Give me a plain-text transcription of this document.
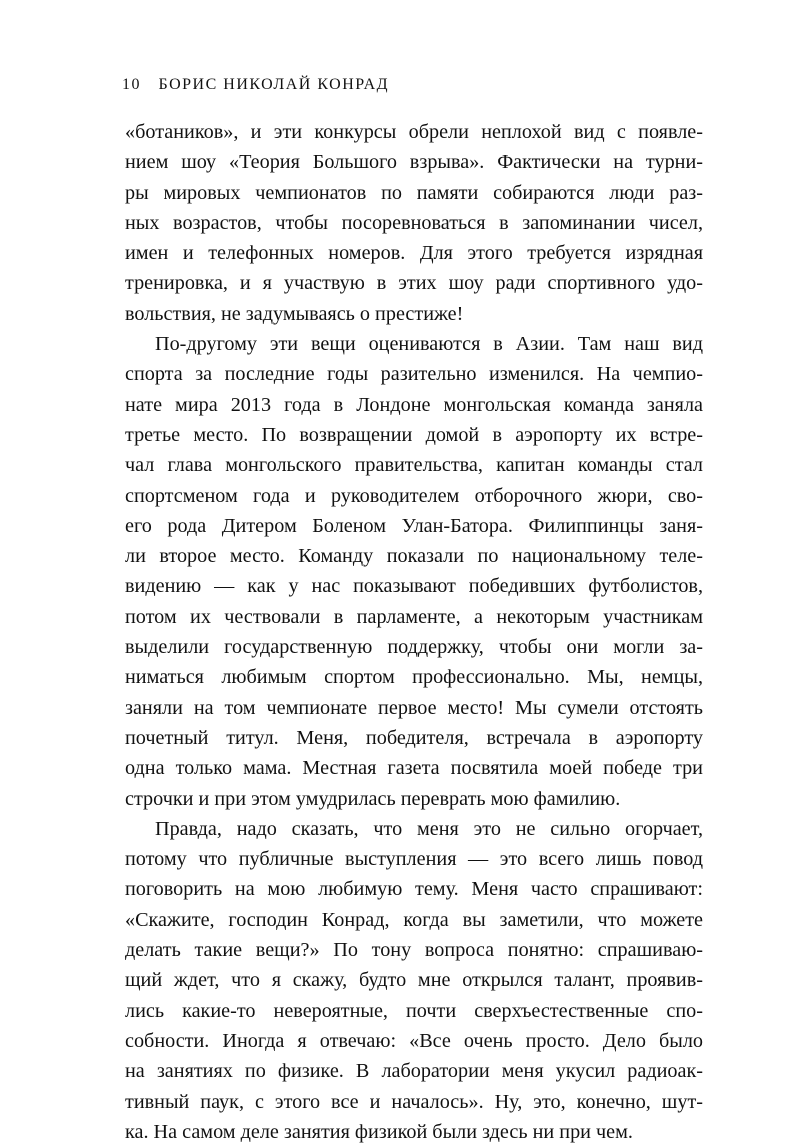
10 БОРИС НИКОЛАЙ КОНРАД
«ботаников», и эти конкурсы обрели неплохой вид с появле-
нием шоу «Теория Большого взрыва». Фактически на турни-
ры мировых чемпионатов по памяти собираются люди раз-
ных возрастов, чтобы посоревноваться в запоминании чисел,
имен и телефонных номеров. Для этого требуется изрядная
тренировка, и я участвую в этих шоу ради спортивного удо-
вольствия, не задумываясь о престиже!
По-другому эти вещи оцениваются в Азии. Там наш вид
спорта за последние годы разительно изменился. На чемпио-
нате мира 2013 года в Лондоне монгольская команда заняла
третье место. По возвращении домой в аэропорту их встре-
чал глава монгольского правительства, капитан команды стал
спортсменом года и руководителем отборочного жюри, сво-
его рода Дитером Боленом Улан-Батора. Филиппинцы заня-
ли второе место. Команду показали по национальному теле-
видению — как у нас показывают победивших футболистов,
потом их чествовали в парламенте, а некоторым участникам
выделили государственную поддержку, чтобы они могли за-
ниматься любимым спортом профессионально. Мы, немцы,
заняли на том чемпионате первое место! Мы сумели отстоять
почетный титул. Меня, победителя, встречала в аэропорту
одна только мама. Местная газета посвятила моей победе три
строчки и при этом умудрилась переврать мою фамилию.
Правда, надо сказать, что меня это не сильно огорчает,
потому что публичные выступления — это всего лишь повод
поговорить на мою любимую тему. Меня часто спрашивают:
«Скажите, господин Конрад, когда вы заметили, что можете
делать такие вещи?» По тону вопроса понятно: спрашиваю-
щий ждет, что я скажу, будто мне открылся талант, проявив-
лись какие-то невероятные, почти сверхъестественные спо-
собности. Иногда я отвечаю: «Все очень просто. Дело было
на занятиях по физике. В лаборатории меня укусил радиоак-
тивный паук, с этого все и началось». Ну, это, конечно, шут-
ка. На самом деле занятия физикой были здесь ни при чем.
